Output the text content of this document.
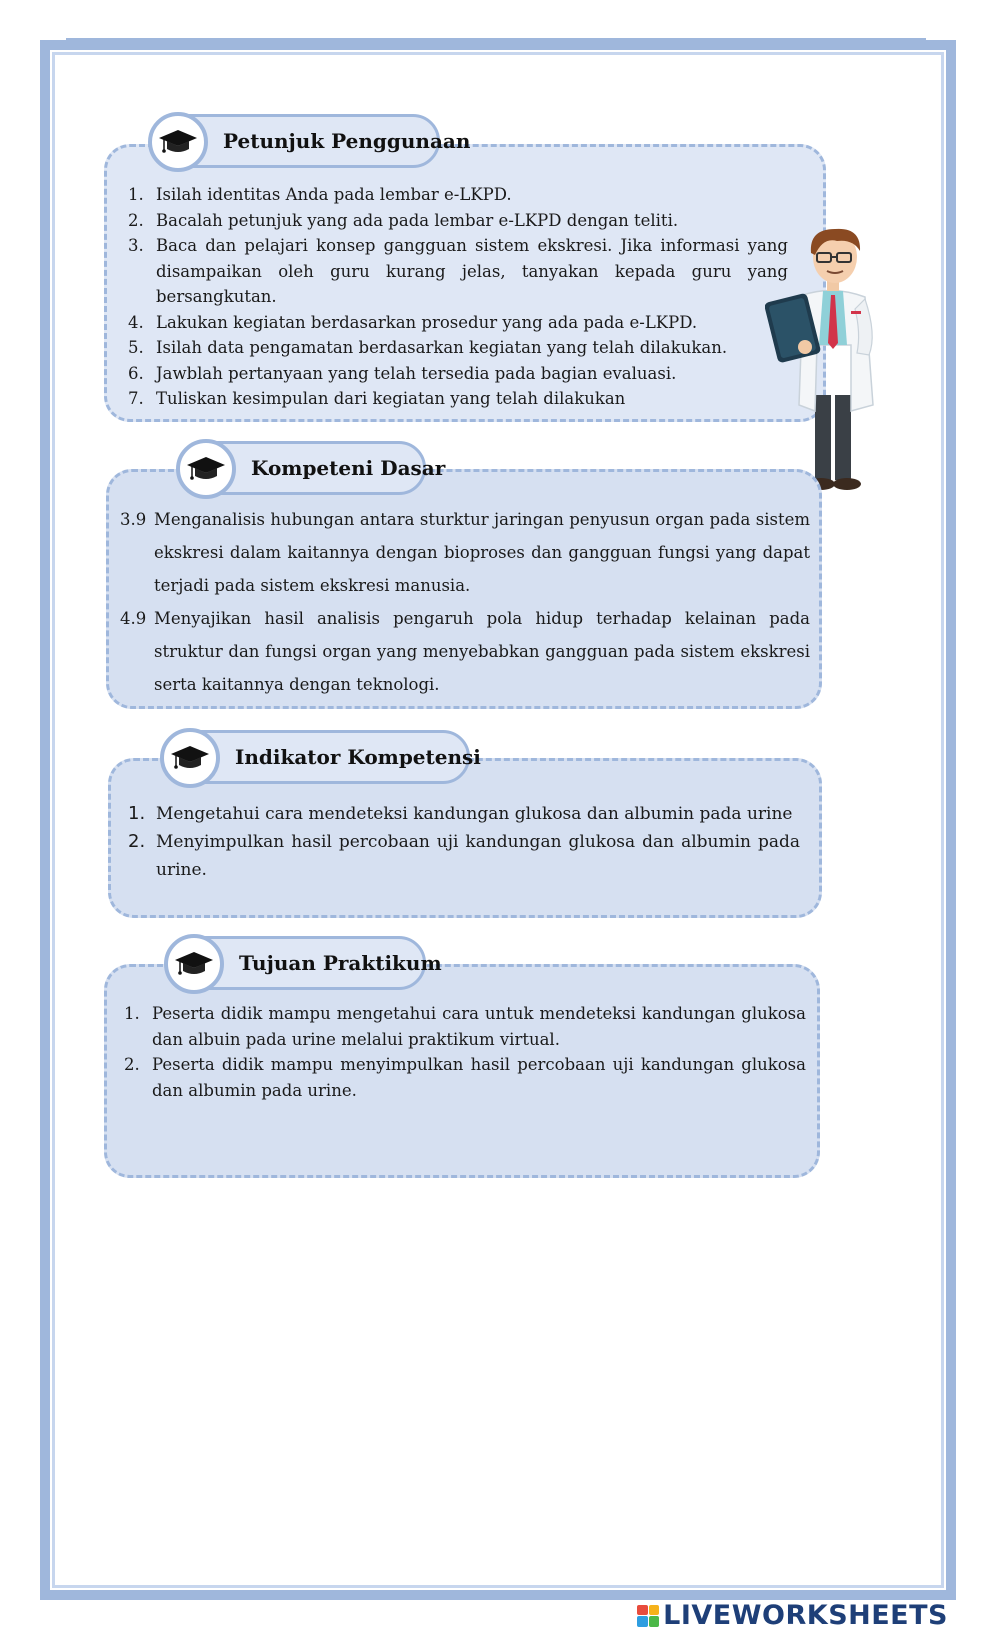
Petunjuk Penggunaan
1. Isilah identitas Anda pada lembar e-LKPD.
2. Bacalah petunjuk yang ada pada lembar e-LKPD dengan teliti.
3. Baca dan pelajari konsep gangguan sistem ekskresi. Jika informasi yang disampaikan oleh guru kurang jelas, tanyakan kepada guru yang bersangkutan.
4. Lakukan kegiatan berdasarkan prosedur yang ada pada e-LKPD.
5. Isilah data pengamatan berdasarkan kegiatan yang telah dilakukan.
6. Jawblah pertanyaan yang telah tersedia pada bagian evaluasi.
7. Tuliskan kesimpulan dari kegiatan yang telah dilakukan
Kompeteni Dasar
3.9 Menganalisis hubungan antara sturktur jaringan penyusun organ pada sistem ekskresi dalam kaitannya dengan bioproses dan gangguan fungsi yang dapat terjadi pada sistem ekskresi manusia.
4.9 Menyajikan hasil analisis pengaruh pola hidup terhadap kelainan pada struktur dan fungsi organ yang menyebabkan gangguan pada sistem ekskresi serta kaitannya dengan teknologi.
Indikator Kompetensi
1. Mengetahui cara mendeteksi kandungan glukosa dan albumin pada urine
2. Menyimpulkan hasil percobaan uji kandungan glukosa dan albumin pada urine.
Tujuan Praktikum
1. Peserta didik mampu mengetahui cara untuk mendeteksi kandungan glukosa dan albuin pada urine melalui praktikum virtual.
2. Peserta didik mampu menyimpulkan hasil percobaan uji kandungan glukosa dan albumin pada urine.
LIVEWORKSHEETS
